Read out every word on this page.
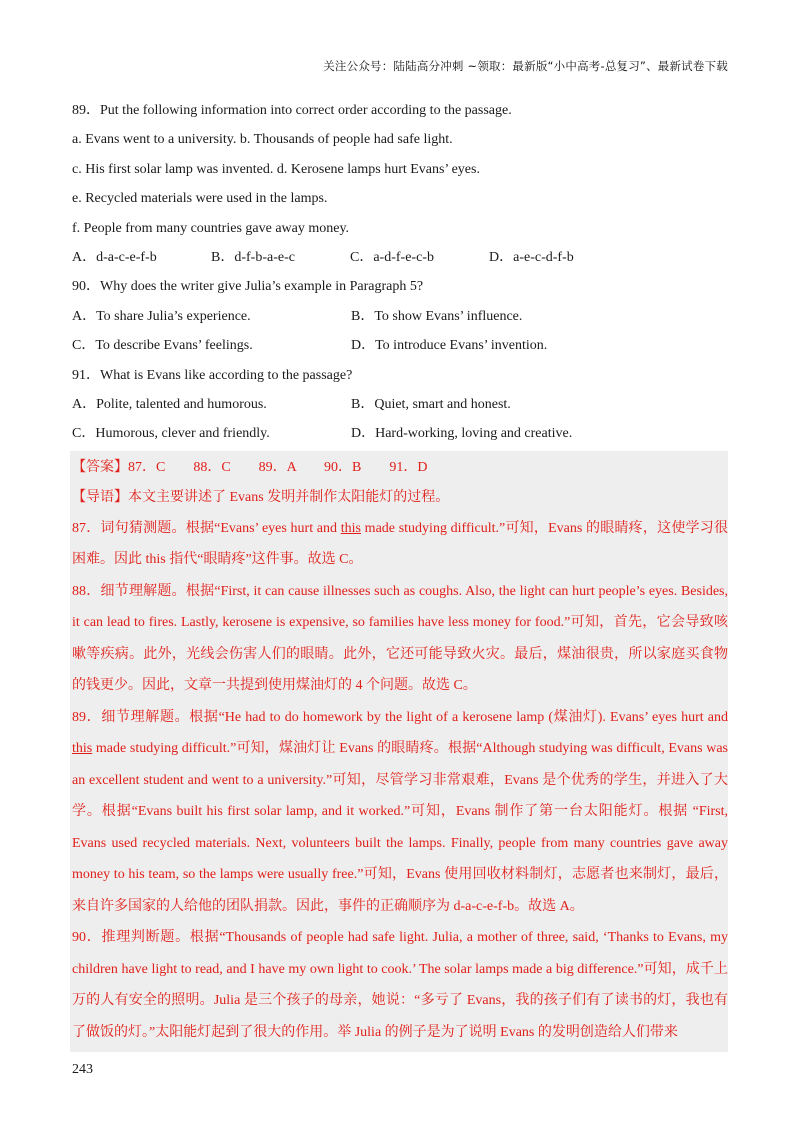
关注公众号：陆陆高分冲刺 ~领取：最新版“小中高考-总复习”、最新试卷下载
89．Put the following information into correct order according to the passage.
a. Evans went to a university. b. Thousands of people had safe light.
c. His first solar lamp was invented. d. Kerosene lamps hurt Evans’ eyes.
e. Recycled materials were used in the lamps.
f. People from many countries gave away money.
A．d-a-c-e-f-b	B．d-f-b-a-e-c	C．a-d-f-e-c-b	D．a-e-c-d-f-b
90．Why does the writer give Julia’s example in Paragraph 5?
A．To share Julia’s experience.	B．To show Evans’ influence.
C．To describe Evans’ feelings.	D．To introduce Evans’ invention.
91．What is Evans like according to the passage?
A．Polite, talented and humorous.	B．Quiet, smart and honest.
C．Humorous, clever and friendly.	D．Hard-working, loving and creative.
【答案】87．C        88．C        89．A        90．B        91．D
【导语】本文主要讲述了 Evans 发明并制作太阳能灯的过程。
87．词句猜测题。根据“Evans’ eyes hurt and this made studying difficult.”可知，Evans 的眼睛疼，这使学习很困难。因此 this 指代“眼睛疼”这件事。故选 C。
88．细节理解题。根据“First, it can cause illnesses such as coughs. Also, the light can hurt people’s eyes. Besides, it can lead to fires. Lastly, kerosene is expensive, so families have less money for food.”可知，首先，它会导致咳嗽等疾病。此外，光线会伤害人们的眼睛。此外，它还可能导致火灾。最后，煤油很贵，所以家庭买食物的钱更少。因此，文章一共提到使用煤油灯的 4 个问题。故选 C。
89．细节理解题。根据“He had to do homework by the light of a kerosene lamp (煤油灯). Evans’ eyes hurt and this made studying difficult.”可知，煤油灯让 Evans 的眼睛疼。根据“Although studying was difficult, Evans was an excellent student and went to a university.”可知，尽管学习非常艰难，Evans 是个优秀的学生，并进入了大学。根据“Evans built his first solar lamp, and it worked.”可知，Evans 制作了第一台太阳能灯。根据 “First, Evans used recycled materials. Next, volunteers built the lamps. Finally, people from many countries gave away money to his team, so the lamps were usually free.”可知，Evans 使用回收材料制灯，志愿者也来制灯，最后，来自许多国家的人给他的团队捐款。因此，事件的正确顺序为 d-a-c-e-f-b。故选 A。
90．推理判断题。根据“Thousands of people had safe light. Julia, a mother of three, said, ‘Thanks to Evans, my children have light to read, and I have my own light to cook.’ The solar lamps made a big difference.”可知，成千上万的人有安全的照明。Julia 是三个孩子的母亲，她说：“多亏了 Evans，我的孩子们有了读书的灯，我也有了做饭的灯。”太阳能灯起到了很大的作用。举 Julia 的例子是为了说明 Evans 的发明创造给人们带来
243
